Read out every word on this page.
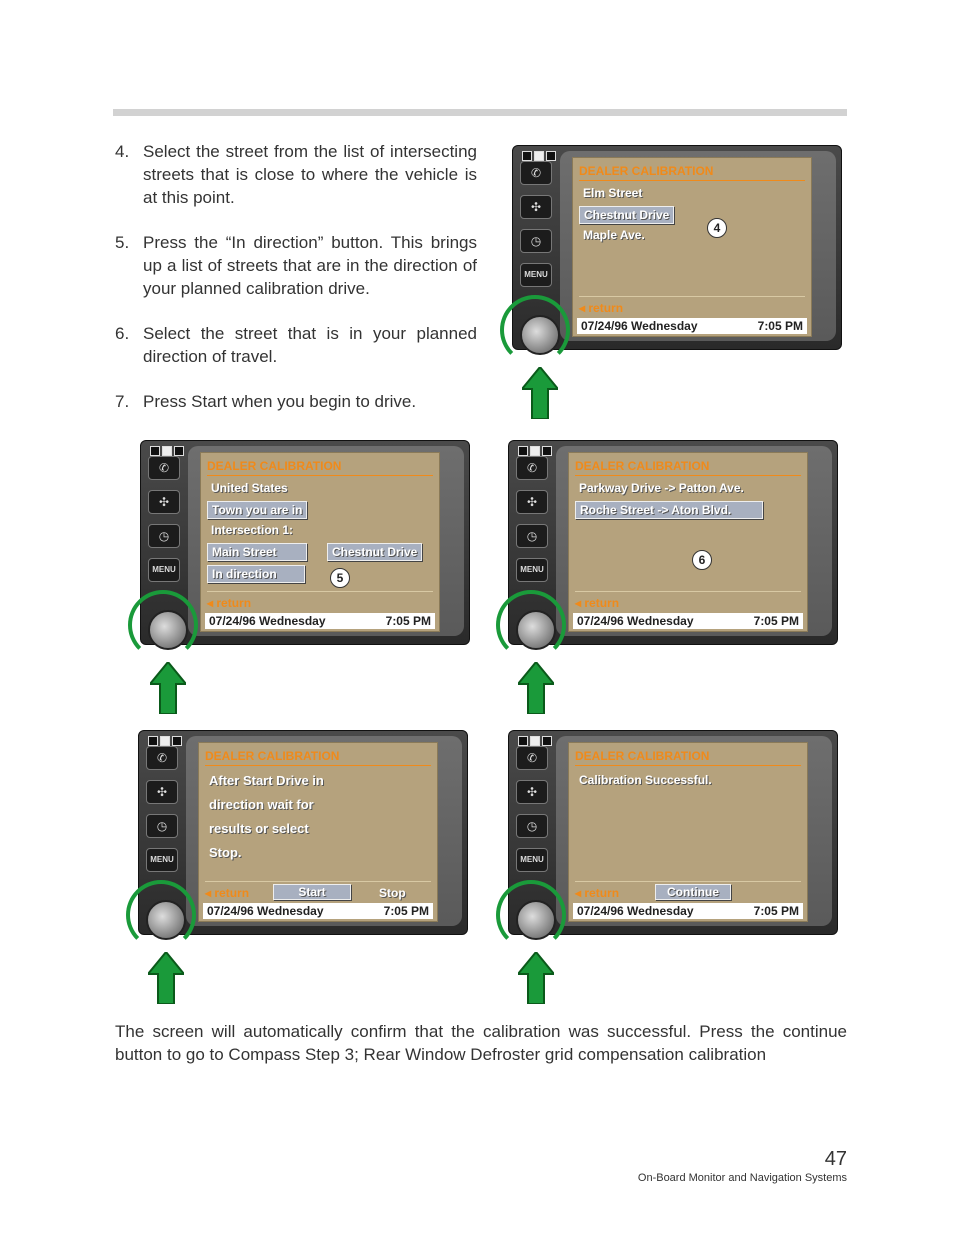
4. Select the street from the list of intersecting streets that is close to where the vehicle is at this point.
5. Press the “In direction” button. This brings up a list of streets that are in the direction of your planned calibration drive.
6. Select the street that is in your planned direction of travel.
7. Press Start when you begin to drive.
✆
✣
◷
MENU
DEALER CALIBRATION
Elm Street
Chestnut Drive
Maple Ave.
◂ return
07/24/96 Wednesday	7:05 PM
4
✆
✣
◷
MENU
DEALER CALIBRATION
United States
Town you are in
Intersection 1:
Main Street	Chestnut Drive
In direction
◂ return
07/24/96 Wednesday	7:05 PM
5
✆
✣
◷
MENU
DEALER CALIBRATION
Parkway Drive -> Patton Ave.
Roche Street -> Aton Blvd.
◂ return
07/24/96 Wednesday	7:05 PM
6
✆
✣
◷
MENU
DEALER CALIBRATION
After Start Drive in
direction wait for
results or select
Stop.
◂ return	Start	Stop
07/24/96 Wednesday	7:05 PM
✆
✣
◷
MENU
DEALER CALIBRATION
Calibration Successful.
◂ return	Continue
07/24/96 Wednesday	7:05 PM

The screen will automatically confirm that the calibration was successful. Press the continue button to go to Compass Step 3; Rear Window Defroster grid compensation calibration

47
On-Board Monitor and Navigation Systems
